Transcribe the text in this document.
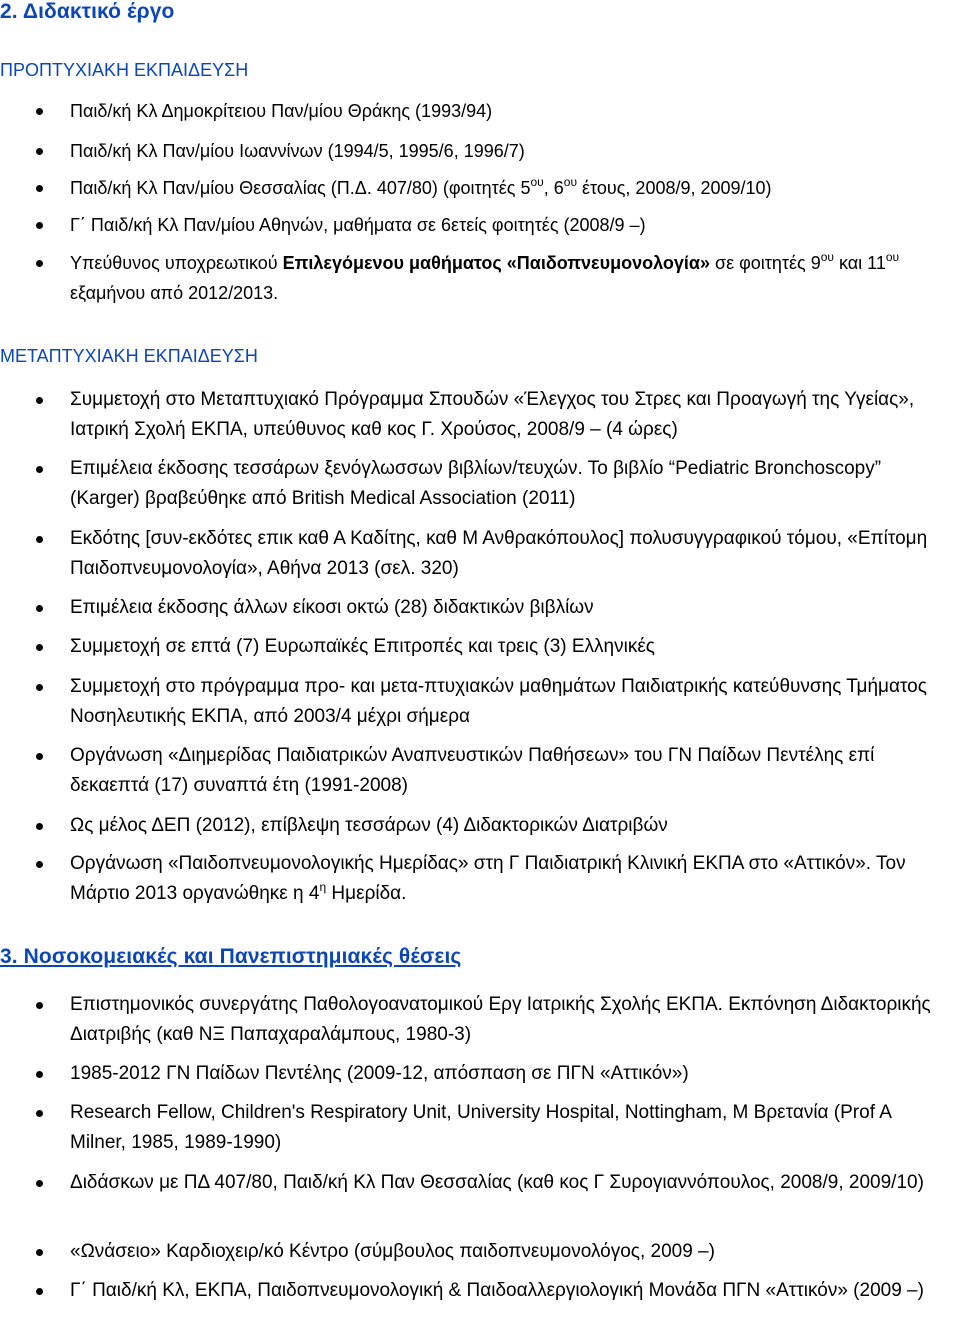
2. Διδακτικό έργο
ΠΡΟΠΤΥΧΙΑΚΗ ΕΚΠΑΙΔΕΥΣΗ
Παιδ/κή Κλ Δημοκρίτειου Παν/μίου Θράκης (1993/94)
Παιδ/κή Κλ Παν/μίου Ιωαννίνων (1994/5, 1995/6, 1996/7)
Παιδ/κή Κλ Παν/μίου Θεσσαλίας (Π.Δ. 407/80) (φοιτητές $5^{o\upsilon}$, $6^{o\upsilon}$ έτους, 2008/9, 2009/10)
Γ΄ Παιδ/κή Κλ Παν/μίου Αθηνών, μαθήματα σε 6ετείς φοιτητές (2008/9 –)
Υπεύθυνος υποχρεωτικού Επιλεγόμενου μαθήματος «Παιδοπνευμονολογία» σε φοιτητές $9^{o\upsilon}$ και $11^{o\upsilon}$ εξαμήνου από 2012/2013.
ΜΕΤΑΠΤΥΧΙΑΚΗ ΕΚΠΑΙΔΕΥΣΗ
Συμμετοχή στο Μεταπτυχιακό Πρόγραμμα Σπουδών «Έλεγχος του Στρες και Προαγωγή της Υγείας», Ιατρική Σχολή ΕΚΠΑ, υπεύθυνος καθ κος Γ. Χρούσος, 2008/9 – (4 ώρες)
Επιμέλεια έκδοσης τεσσάρων ξενόγλωσσων βιβλίων/τευχών. Το βιβλίο “Pediatric Bronchoscopy” (Karger) βραβεύθηκε από British Medical Association (2011)
Εκδότης [συν-εκδότες επικ καθ Α Καδίτης, καθ Μ Ανθρακόπουλος] πολυσυγγραφικού τόμου, «Επίτομη Παιδοπνευμονολογία», Αθήνα 2013 (σελ. 320)
Επιμέλεια έκδοσης άλλων είκοσι οκτώ (28) διδακτικών βιβλίων
Συμμετοχή σε επτά (7) Ευρωπαϊκές Επιτροπές και τρεις (3) Ελληνικές
Συμμετοχή στο πρόγραμμα προ- και μετα-πτυχιακών μαθημάτων Παιδιατρικής κατεύθυνσης Τμήματος Νοσηλευτικής ΕΚΠΑ, από 2003/4 μέχρι σήμερα
Οργάνωση «Διημερίδας Παιδιατρικών Αναπνευστικών Παθήσεων» του ΓΝ Παίδων Πεντέλης επί δεκαεπτά (17) συναπτά έτη (1991-2008)
Ως μέλος ΔΕΠ (2012), επίβλεψη τεσσάρων (4) Διδακτορικών Διατριβών
Οργάνωση «Παιδοπνευμονολογικής Ημερίδας» στη Γ Παιδιατρική Κλινική ΕΚΠΑ στο «Αττικόν». Τον Μάρτιο 2013 οργανώθηκε η $4^\eta$ Ημερίδα.
3. Νοσοκομειακές και Πανεπιστημιακές θέσεις
Επιστημονικός συνεργάτης Παθολογοανατομικού Εργ Ιατρικής Σχολής ΕΚΠΑ. Εκπόνηση Διδακτορικής Διατριβής (καθ ΝΞ Παπαχαραλάμπους, 1980-3)
1985-2012 ΓΝ Παίδων Πεντέλης (2009-12, απόσπαση σε ΠΓΝ «Αττικόν»)
Research Fellow, Children's Respiratory Unit, University Hospital, Nottingham, M Βρετανία (Prof A Milner, 1985, 1989-1990)
Διδάσκων με ΠΔ 407/80, Παιδ/κή Κλ Παν Θεσσαλίας (καθ κος Γ Συρογιαννόπουλος, 2008/9, 2009/10)
«Ωνάσειο» Καρδιοχειρ/κό Κέντρο (σύμβουλος παιδοπνευμονολόγος, 2009 –)
Γ΄ Παιδ/κή Κλ, ΕΚΠΑ, Παιδοπνευμονολογική & Παιδοαλλεργιολογική Μονάδα ΠΓΝ «Αττικόν» (2009 –)
